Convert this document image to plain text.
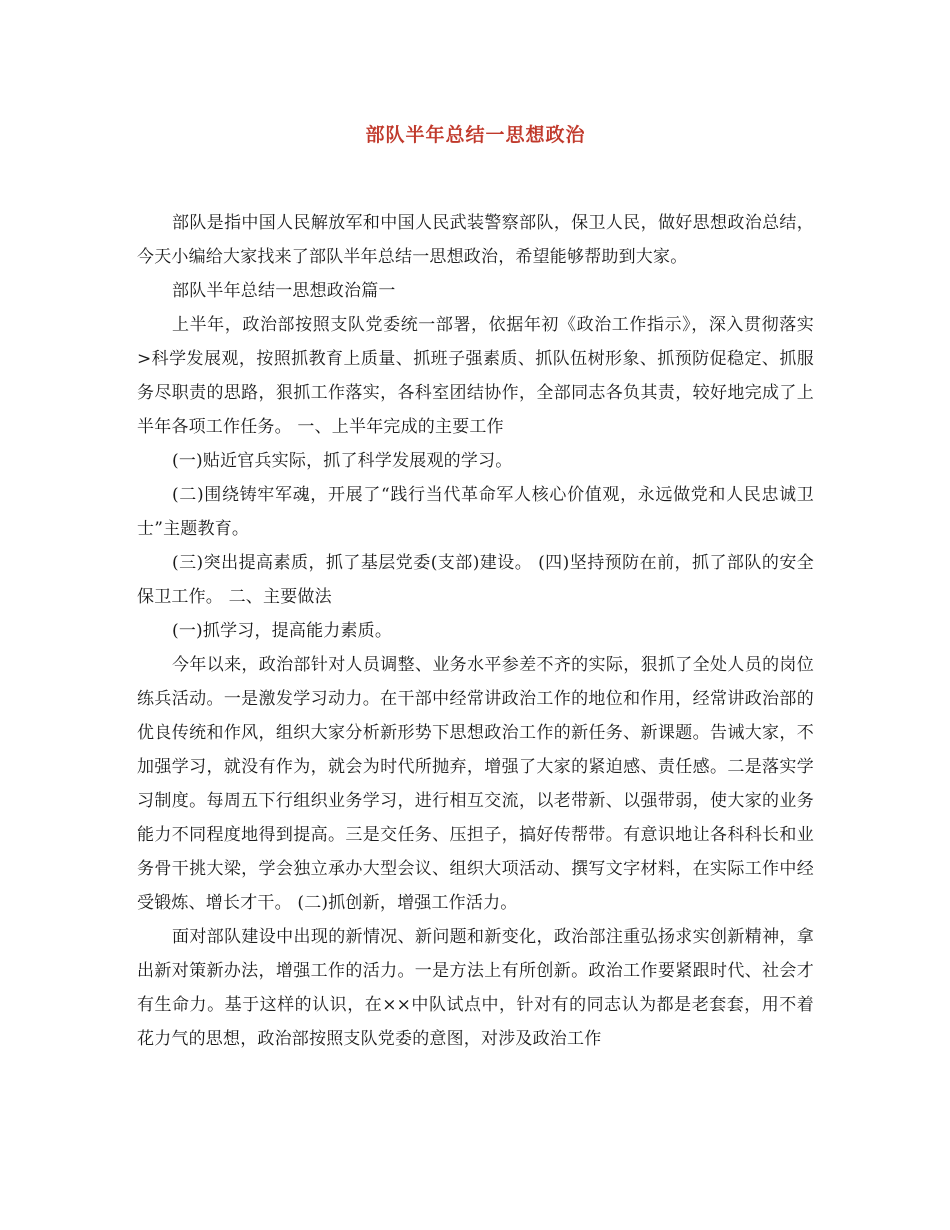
部队半年总结一思想政治

部队是指中国人民解放军和中国人民武装警察部队，保卫人民，做好思想政治总结，今天小编给大家找来了部队半年总结一思想政治，希望能够帮助到大家。

部队半年总结一思想政治篇一

上半年，政治部按照支队党委统一部署，依据年初《政治工作指示》，深入贯彻落实>科学发展观，按照抓教育上质量、抓班子强素质、抓队伍树形象、抓预防促稳定、抓服务尽职责的思路，狠抓工作落实，各科室团结协作，全部同志各负其责，较好地完成了上半年各项工作任务。 一、上半年完成的主要工作

(一)贴近官兵实际，抓了科学发展观的学习。

(二)围绕铸牢军魂，开展了“践行当代革命军人核心价值观，永远做党和人民忠诚卫士”主题教育。

(三)突出提高素质，抓了基层党委(支部)建设。 (四)坚持预防在前，抓了部队的安全保卫工作。 二、主要做法

(一)抓学习，提高能力素质。

今年以来，政治部针对人员调整、业务水平参差不齐的实际，狠抓了全处人员的岗位练兵活动。一是激发学习动力。在干部中经常讲政治工作的地位和作用，经常讲政治部的优良传统和作风，组织大家分析新形势下思想政治工作的新任务、新课题。告诫大家，不加强学习，就没有作为，就会为时代所抛弃，增强了大家的紧迫感、责任感。二是落实学习制度。每周五下行组织业务学习，进行相互交流，以老带新、以强带弱，使大家的业务能力不同程度地得到提高。三是交任务、压担子，搞好传帮带。有意识地让各科科长和业务骨干挑大梁，学会独立承办大型会议、组织大项活动、撰写文字材料，在实际工作中经受锻炼、增长才干。 (二)抓创新，增强工作活力。

面对部队建设中出现的新情况、新问题和新变化，政治部注重弘扬求实创新精神，拿出新对策新办法，增强工作的活力。一是方法上有所创新。政治工作要紧跟时代、社会才有生命力。基于这样的认识，在××中队试点中，针对有的同志认为都是老套套，用不着花力气的思想，政治部按照支队党委的意图，对涉及政治工作
